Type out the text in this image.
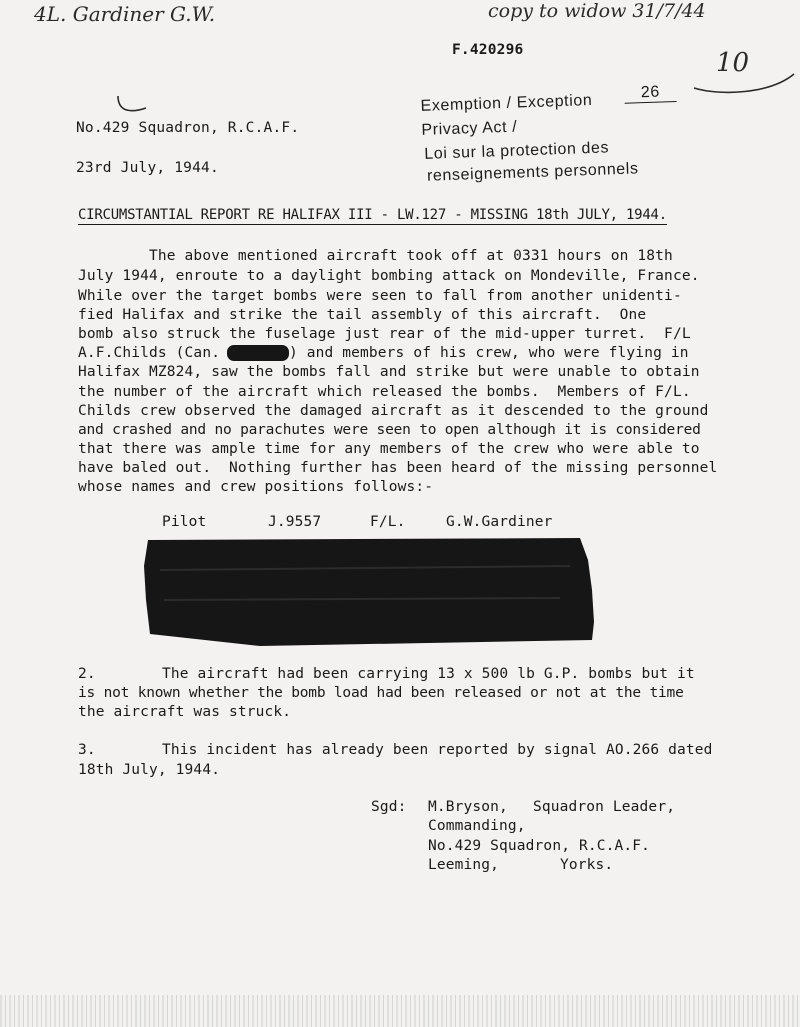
4L. Gardiner G.W.	copy to widow 31/7/44
10
F.420296
Exemption / Exception	26
Privacy Act /
Loi sur la protection des
renseignements personnels
No.429 Squadron, R.C.A.F.
23rd July, 1944.
CIRCUMSTANTIAL REPORT RE HALIFAX III - LW.127 - MISSING 18th JULY, 1944.
The above mentioned aircraft took off at 0331 hours on 18th
July 1944, enroute to a daylight bombing attack on Mondeville, France.
While over the target bombs were seen to fall from another unidenti-
fied Halifax and strike the tail assembly of this aircraft.  One
bomb also struck the fuselage just rear of the mid-upper turret.  F/L
A.F.Childs (Can.	) and members of his crew, who were flying in
Halifax MZ824, saw the bombs fall and strike but were unable to obtain
the number of the aircraft which released the bombs.  Members of F/L.
Childs crew observed the damaged aircraft as it descended to the ground
and crashed and no parachutes were seen to open although it is considered
that there was ample time for any members of the crew who were able to
have baled out.  Nothing further has been heard of the missing personnel
whose names and crew positions follows:-
Pilot	J.9557	F/L.	G.W.Gardiner
2.	The aircraft had been carrying 13 x 500 lb G.P. bombs but it
is not known whether the bomb load had been released or not at the time
the aircraft was struck.
3.	This incident has already been reported by signal AO.266 dated
18th July, 1944.
Sgd: M.Bryson, Squadron Leader,
Commanding,
No.429 Squadron, R.C.A.F.
Leeming,	Yorks.
